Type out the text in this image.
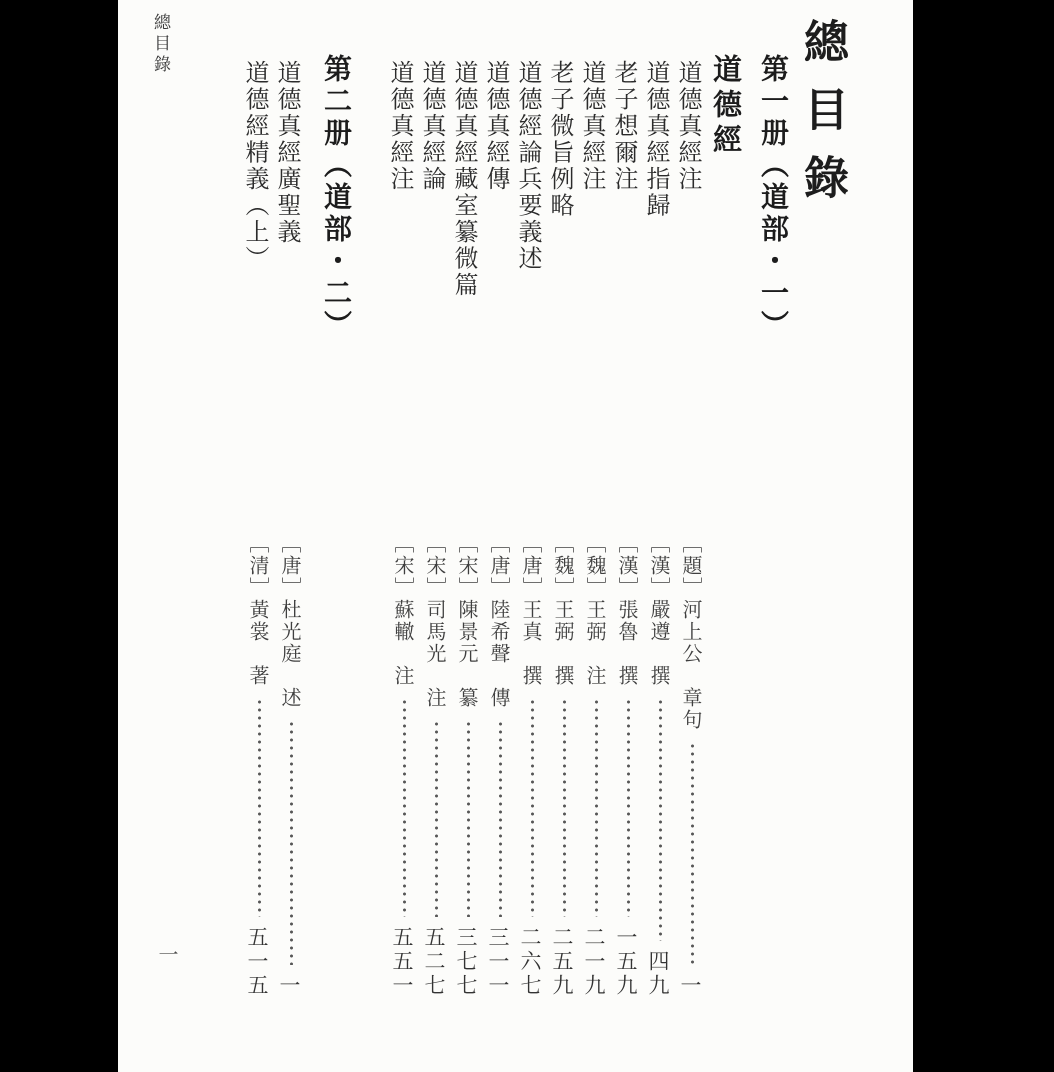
總目錄	總目錄
第一册（道部・一）
道德經
道德真經注
［題］河上公　章句
一
道德真經指歸
［漢］嚴遵　撰
四九
老子想爾注
［漢］張魯　撰
一五九
道德真經注
［魏］王弼　注
二一九
老子微旨例略
［魏］王弼　撰
二五九
道德經論兵要義述
［唐］王真　撰
二六七
道德真經傳
［唐］陸希聲　傳
三一一
道德真經藏室纂微篇
［宋］陳景元　纂
三七七
道德真經論
［宋］司馬光　注
五二七
道德真經注
［宋］蘇轍　注
五五一
第二册（道部・二）
道德真經廣聖義
［唐］杜光庭　述
一
道德經精義（上）
［清］黃裳　著
五一五
一
